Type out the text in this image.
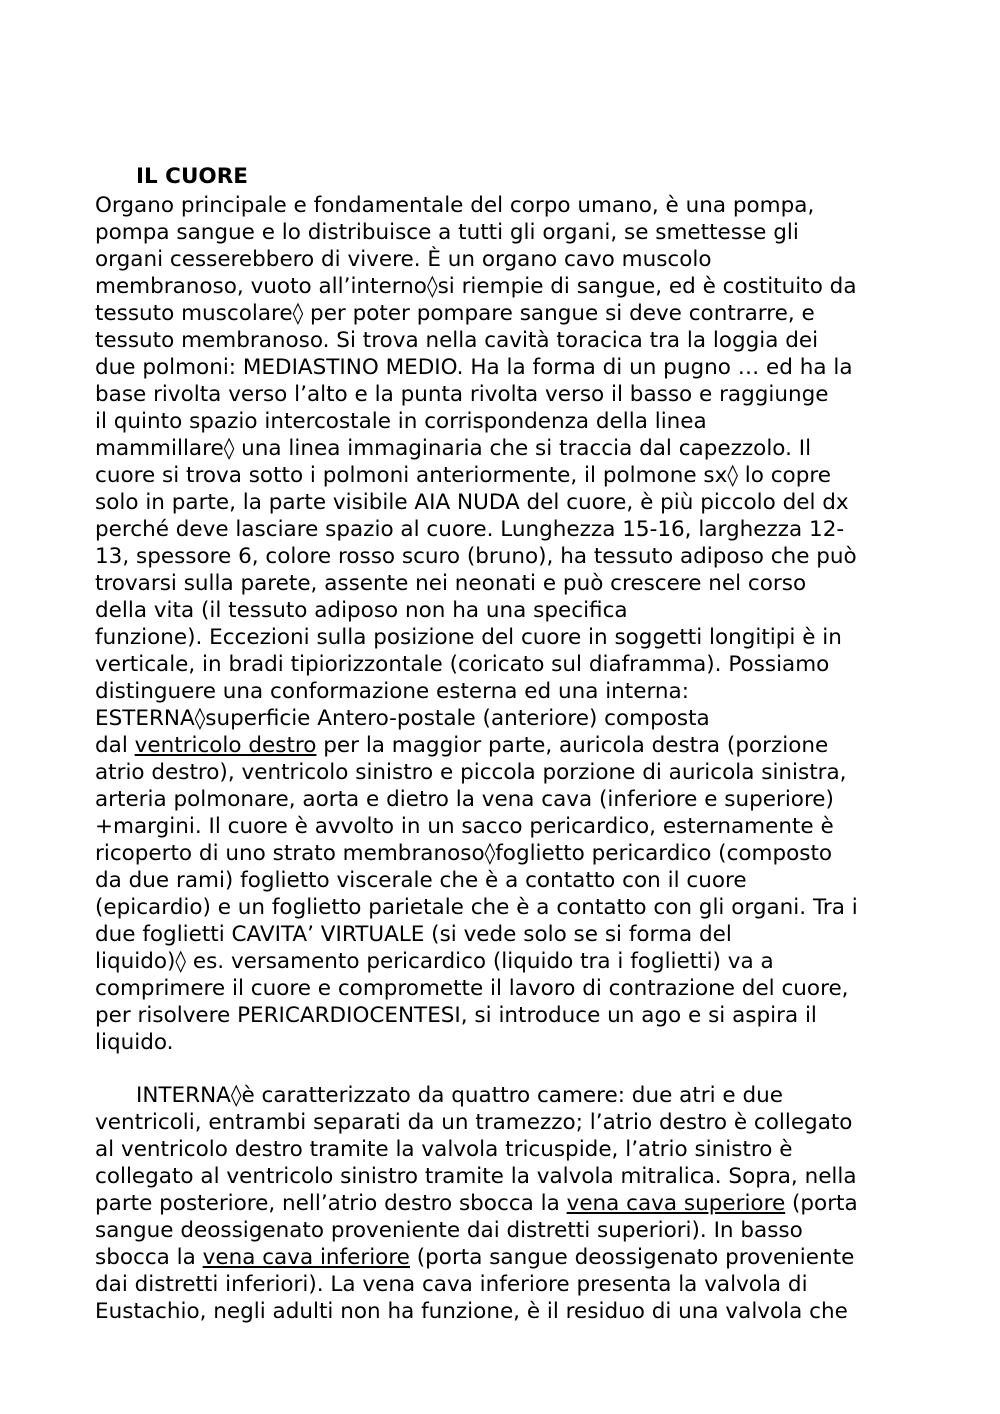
IL CUORE
Organo principale e fondamentale del corpo umano, è una pompa,
pompa sangue e lo distribuisce a tutti gli organi, se smettesse gli
organi cesserebbero di vivere. È un organo cavo muscolo
membranoso, vuoto all’interno◊si riempie di sangue, ed è costituito da
tessuto muscolare◊ per poter pompare sangue si deve contrarre, e
tessuto membranoso. Si trova nella cavità toracica tra la loggia dei
due polmoni: MEDIASTINO MEDIO. Ha la forma di un pugno … ed ha la
base rivolta verso l’alto e la punta rivolta verso il basso e raggiunge
il quinto spazio intercostale in corrispondenza della linea
mammillare◊ una linea immaginaria che si traccia dal capezzolo. Il
cuore si trova sotto i polmoni anteriormente, il polmone sx◊ lo copre
solo in parte, la parte visibile AIA NUDA del cuore, è più piccolo del dx
perché deve lasciare spazio al cuore. Lunghezza 15-16, larghezza 12-
13, spessore 6, colore rosso scuro (bruno), ha tessuto adiposo che può
trovarsi sulla parete, assente nei neonati e può crescere nel corso
della vita (il tessuto adiposo non ha una specifica
funzione). Eccezioni sulla posizione del cuore in soggetti longitipi è in
verticale, in bradi tipiorizzontale (coricato sul diaframma). Possiamo
distinguere una conformazione esterna ed una interna:
ESTERNA◊superficie Antero-postale (anteriore) composta
dal ventricolo destro per la maggior parte, auricola destra (porzione
atrio destro), ventricolo sinistro e piccola porzione di auricola sinistra,
arteria polmonare, aorta e dietro la vena cava (inferiore e superiore)
+margini. Il cuore è avvolto in un sacco pericardico, esternamente è
ricoperto di uno strato membranoso◊foglietto pericardico (composto
da due rami) foglietto viscerale che è a contatto con il cuore
(epicardio) e un foglietto parietale che è a contatto con gli organi. Tra i
due foglietti CAVITA’ VIRTUALE (si vede solo se si forma del
liquido)◊ es. versamento pericardico (liquido tra i foglietti) va a
comprimere il cuore e compromette il lavoro di contrazione del cuore,
per risolvere PERICARDIOCENTESI, si introduce un ago e si aspira il
liquido.
INTERNA◊è caratterizzato da quattro camere: due atri e due
ventricoli, entrambi separati da un tramezzo; l’atrio destro è collegato
al ventricolo destro tramite la valvola tricuspide, l’atrio sinistro è
collegato al ventricolo sinistro tramite la valvola mitralica. Sopra, nella
parte posteriore, nell’atrio destro sbocca la vena cava superiore (porta
sangue deossigenato proveniente dai distretti superiori). In basso
sbocca la vena cava inferiore (porta sangue deossigenato proveniente
dai distretti inferiori). La vena cava inferiore presenta la valvola di
Eustachio, negli adulti non ha funzione, è il residuo di una valvola che
